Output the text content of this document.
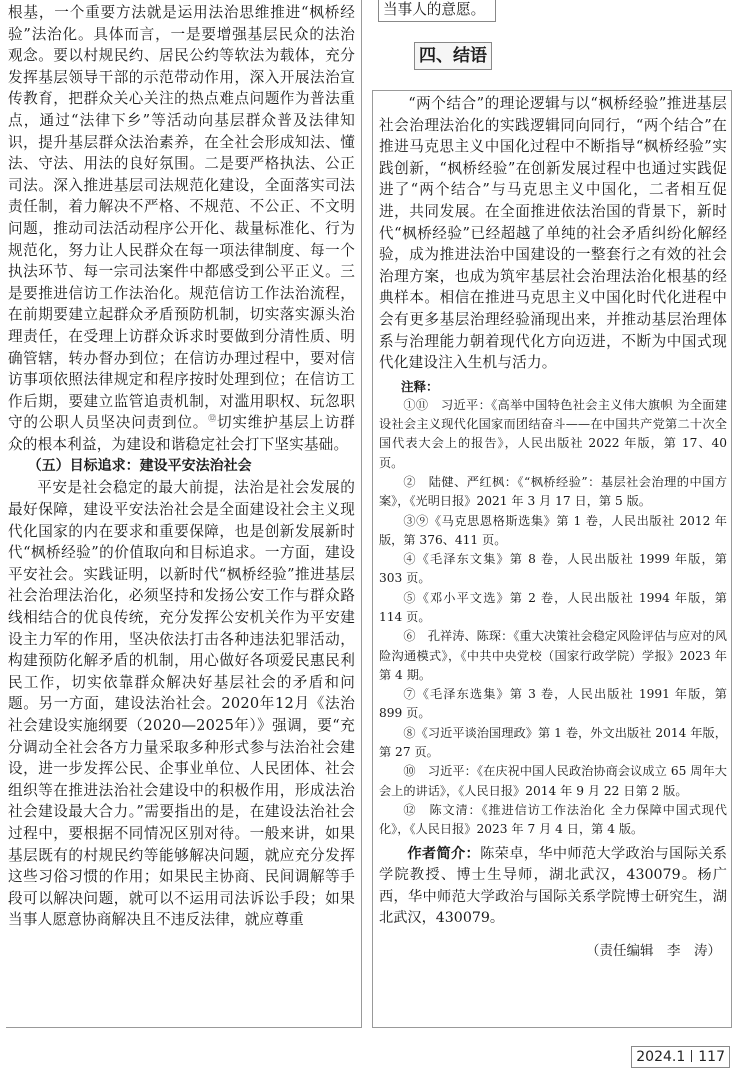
根基，一个重要方法就是运用法治思维推进“枫桥经验”法治化。具体而言，一是要增强基层民众的法治观念。要以村规民约、居民公约等软法为载体，充分发挥基层领导干部的示范带动作用，深入开展法治宣传教育，把群众关心关注的热点难点问题作为普法重点，通过“法律下乡”等活动向基层群众普及法律知识，提升基层群众法治素养，在全社会形成知法、懂法、守法、用法的良好氛围。二是要严格执法、公正司法。深入推进基层司法规范化建设，全面落实司法责任制，着力解决不严格、不规范、不公正、不文明问题，推动司法活动程序公开化、裁量标准化、行为规范化，努力让人民群众在每一项法律制度、每一个执法环节、每一宗司法案件中都感受到公平正义。三是要推进信访工作法治化。规范信访工作法治流程，在前期要建立起群众矛盾预防机制，切实落实源头治理责任，在受理上访群众诉求时要做到分清性质、明确管辖，转办督办到位；在信访办理过程中，要对信访事项依照法律规定和程序按时处理到位；在信访工作后期，要建立监管追责机制，对滥用职权、玩忽职守的公职人员坚决问责到位。⑫切实维护基层上访群众的根本利益，为建设和谐稳定社会打下坚实基础。

（五）目标追求：建设平安法治社会

平安是社会稳定的最大前提，法治是社会发展的最好保障，建设平安法治社会是全面建设社会主义现代化国家的内在要求和重要保障，也是创新发展新时代“枫桥经验”的价值取向和目标追求。一方面，建设平安社会。实践证明，以新时代“枫桥经验”推进基层社会治理法治化，必须坚持和发扬公安工作与群众路线相结合的优良传统，充分发挥公安机关作为平安建设主力军的作用，坚决依法打击各种违法犯罪活动，构建预防化解矛盾的机制，用心做好各项爱民惠民利民工作，切实依靠群众解决好基层社会的矛盾和问题。另一方面，建设法治社会。2020年12月《法治社会建设实施纲要（2020—2025年）》强调，要“充分调动全社会各方力量采取多种形式参与法治社会建设，进一步发挥公民、企事业单位、人民团体、社会组织等在推进法治社会建设中的积极作用，形成法治社会建设最大合力。”需要指出的是，在建设法治社会过程中，要根据不同情况区别对待。一般来讲，如果基层既有的村规民约等能够解决问题，就应充分发挥这些习俗习惯的作用；如果民主协商、民间调解等手段可以解决问题，就可以不运用司法诉讼手段；如果当事人愿意协商解决且不违反法律，就应尊重

当事人的意愿。
四、结语

“两个结合”的理论逻辑与以“枫桥经验”推进基层社会治理法治化的实践逻辑同向同行，“两个结合”在推进马克思主义中国化过程中不断指导“枫桥经验”实践创新，“枫桥经验”在创新发展过程中也通过实践促进了“两个结合”与马克思主义中国化，二者相互促进，共同发展。在全面推进依法治国的背景下，新时代“枫桥经验”已经超越了单纯的社会矛盾纠纷化解经验，成为推进法治中国建设的一整套行之有效的社会治理方案，也成为筑牢基层社会治理法治化根基的经典样本。相信在推进马克思主义中国化时代化进程中会有更多基层治理经验涌现出来，并推动基层治理体系与治理能力朝着现代化方向迈进，不断为中国式现代化建设注入生机与活力。

注释：

①⑪　习近平：《高举中国特色社会主义伟大旗帜 为全面建设社会主义现代化国家而团结奋斗——在中国共产党第二十次全国代表大会上的报告》，人民出版社 2022 年版，第 17、40 页。

②　陆健、严红枫：《“枫桥经验”：基层社会治理的中国方案》，《光明日报》2021 年 3 月 17 日，第 5 版。

③⑨《马克思恩格斯选集》第 1 卷，人民出版社 2012 年版，第 376、411 页。

④《毛泽东文集》第 8 卷，人民出版社 1999 年版，第 303 页。

⑤《邓小平文选》第 2 卷，人民出版社 1994 年版，第 114 页。

⑥　孔祥涛、陈琛：《重大决策社会稳定风险评估与应对的风险沟通模式》，《中共中央党校（国家行政学院）学报》2023 年第 4 期。

⑦《毛泽东选集》第 3 卷，人民出版社 1991 年版，第 899 页。

⑧《习近平谈治国理政》第 1 卷，外文出版社 2014 年版，第 27 页。

⑩　习近平：《在庆祝中国人民政治协商会议成立 65 周年大会上的讲话》，《人民日报》2014 年 9 月 22 日第 2 版。

⑫　陈文清：《推进信访工作法治化 全力保障中国式现代化》，《人民日报》2023 年 7 月 4 日，第 4 版。

作者简介：陈荣卓，华中师范大学政治与国际关系学院教授、博士生导师，湖北武汉，430079。杨广西，华中师范大学政治与国际关系学院博士研究生，湖北武汉，430079。

（责任编辑　李　涛）

2024.1 117
